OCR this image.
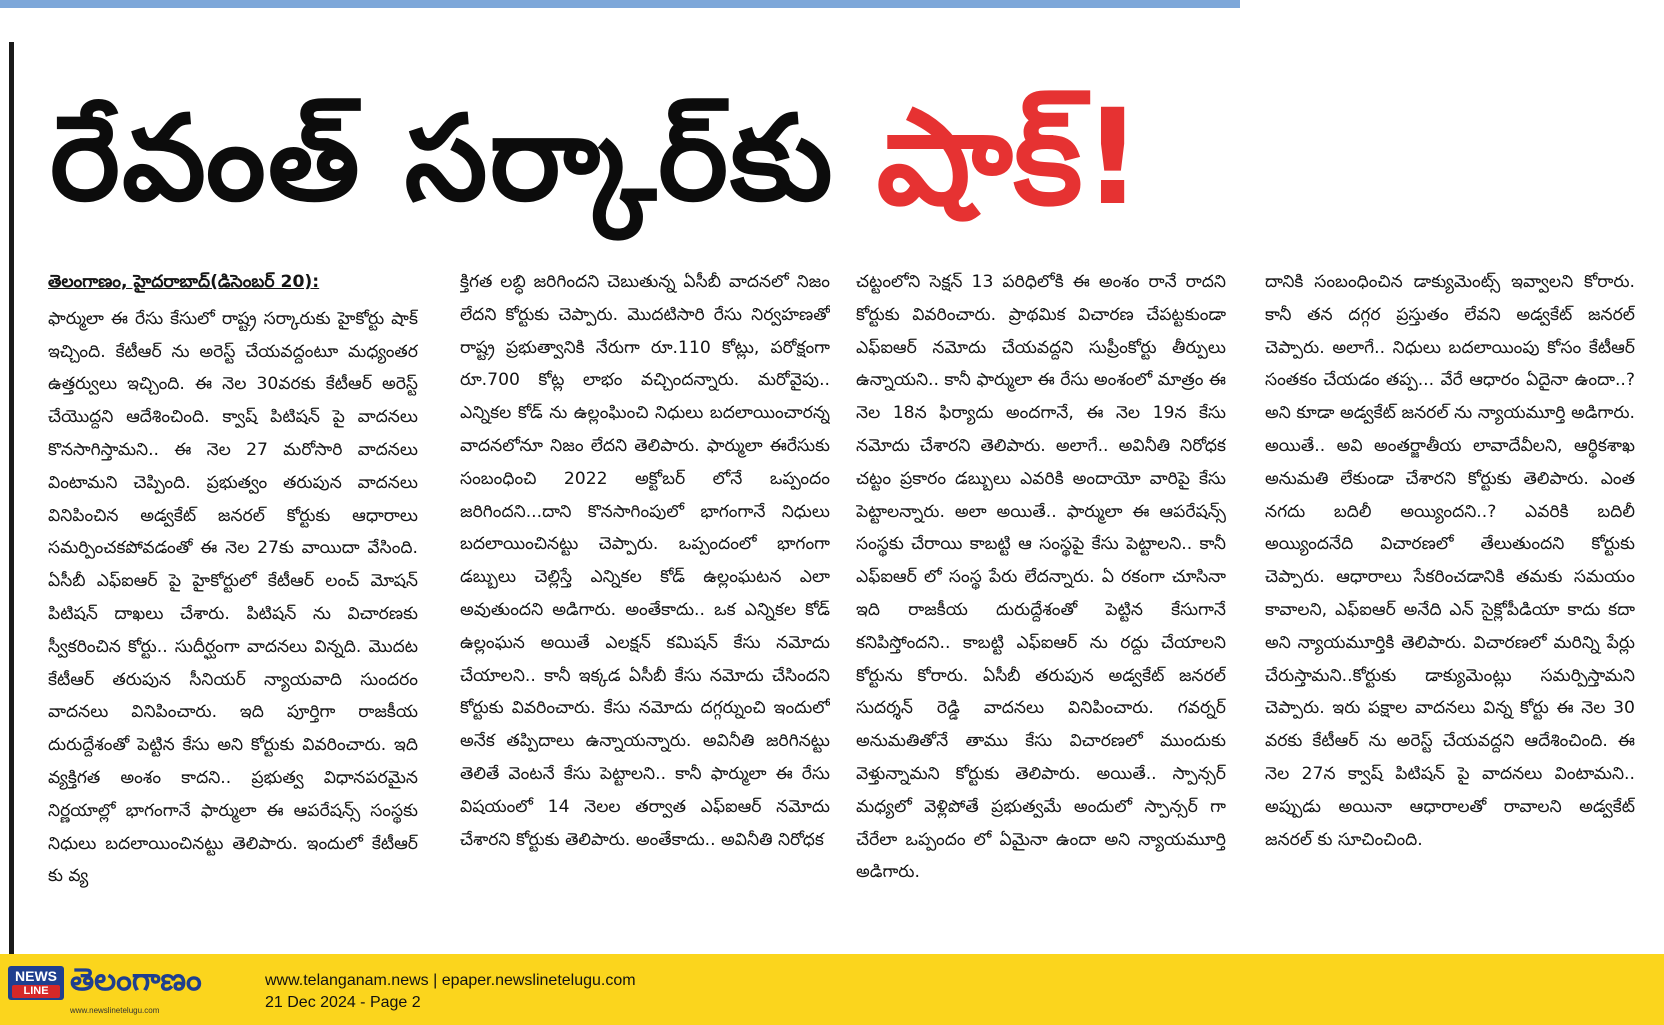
రేవంత్ సర్కార్‌కు షాక్!
తెలంగాణం, హైదరాబాద్(డిసెంబర్ 20):

ఫార్ములా ఈ రేసు కేసులో రాష్ట్ర సర్కారుకు హైకోర్టు షాక్ ఇచ్చింది. కేటీఆర్ ను అరెస్ట్ చేయవద్దంటూ మధ్యంతర ఉత్తర్వులు ఇచ్చింది. ఈ నెల 30వరకు కేటీఆర్ అరెస్ట్ చేయొద్దని ఆదేశించింది. క్వాష్ పిటిషన్ పై వాదనలు కొనసాగిస్తామని.. ఈ నెల 27 మరోసారి వాదనలు వింటామని చెప్పింది. ప్రభుత్వం తరుపున వాదనలు వినిపించిన అడ్వకేట్ జనరల్ కోర్టుకు ఆధారాలు సమర్పించకపోవడంతో ఈ నెల 27కు వాయిదా వేసింది. ఏసీబీ ఎఫ్ఐఆర్ పై హైకోర్టులో కేటీఆర్ లంచ్ మోషన్ పిటిషన్ దాఖలు చేశారు. పిటిషన్ ను విచారణకు స్వీకరించిన కోర్టు.. సుదీర్ఘంగా వాదనలు విన్నది. మొదట కేటీఆర్ తరుపున సీనియర్ న్యాయవాది సుందరం వాదనలు వినిపించారు. ఇది పూర్తిగా రాజకీయ దురుద్దేశంతో పెట్టిన కేసు అని కోర్టుకు వివరించారు. ఇది వ్యక్తిగత అంశం కాదని.. ప్రభుత్వ విధానపరమైన నిర్ణయాల్లో భాగంగానే ఫార్ములా ఈ ఆపరేషన్స్ సంస్థకు నిధులు బదలాయించినట్టు తెలిపారు. ఇందులో కేటీఆర్ కు వ్య

క్తిగత లబ్ధి జరిగిందని చెబుతున్న ఏసీబీ వాదనలో నిజం లేదని కోర్టుకు చెప్పారు. మొదటిసారి రేసు నిర్వహణతో రాష్ట్ర ప్రభుత్వానికి నేరుగా రూ.110 కోట్లు, పరోక్షంగా రూ.700 కోట్ల లాభం వచ్చిందన్నారు. మరోవైపు.. ఎన్నికల కోడ్ ను ఉల్లంఘించి నిధులు బదలాయించారన్న వాదనలోనూ నిజం లేదని తెలిపారు. ఫార్ములా ఈరేసుకు సంబంధించి 2022 అక్టోబర్ లోనే ఒప్పందం జరిగిందని...దాని కొనసాగింపులో భాగంగానే నిధులు బదలాయించినట్టు చెప్పారు. ఒప్పందంలో భాగంగా డబ్బులు చెల్లిస్తే ఎన్నికల కోడ్ ఉల్లంఘటన ఎలా అవుతుందని అడిగారు. అంతేకాదు.. ఒక ఎన్నికల కోడ్ ఉల్లంఘన అయితే ఎలక్షన్ కమిషన్ కేసు నమోదు చేయాలని.. కానీ ఇక్కడ ఏసీబీ కేసు నమోదు చేసిందని కోర్టుకు వివరించారు. కేసు నమోదు దగ్గర్నుంచి ఇందులో అనేక తప్పిదాలు ఉన్నాయన్నారు. అవినీతి జరిగినట్టు తెలితే వెంటనే కేసు పెట్టాలని.. కానీ ఫార్ములా ఈ రేసు విషయంలో 14 నెలల తర్వాత ఎఫ్ఐఆర్ నమోదు చేశారని కోర్టుకు తెలిపారు. అంతేకాదు.. అవినీతి నిరోధక

చట్టంలోని సెక్షన్ 13 పరిధిలోకి ఈ అంశం రానే రాదని కోర్టుకు వివరించారు. ప్రాథమిక విచారణ చేపట్టకుండా ఎఫ్ఐఆర్ నమోదు చేయవద్దని సుప్రీంకోర్టు తీర్పులు ఉన్నాయని.. కానీ ఫార్ములా ఈ రేసు అంశంలో మాత్రం ఈ నెల 18న ఫిర్యాదు అందగానే, ఈ నెల 19న కేసు నమోదు చేశారని తెలిపారు. అలాగే.. అవినీతి నిరోధక చట్టం ప్రకారం డబ్బులు ఎవరికి అందాయో వారిపై కేసు పెట్టాలన్నారు. అలా అయితే.. ఫార్ములా ఈ ఆపరేషన్స్ సంస్థకు చేరాయి కాబట్టి ఆ సంస్థపై కేసు పెట్టాలని.. కానీ ఎఫ్ఐఆర్ లో సంస్థ పేరు లేదన్నారు. ఏ రకంగా చూసినా ఇది రాజకీయ దురుద్దేశంతో పెట్టిన కేసుగానే కనిపిస్తోందని.. కాబట్టి ఎఫ్ఐఆర్ ను రద్దు చేయాలని కోర్టును కోరారు. ఏసీబీ తరుపున అడ్వకేట్ జనరల్ సుదర్శన్ రెడ్డి వాదనలు వినిపించారు. గవర్నర్ అనుమతితోనే తాము కేసు విచారణలో ముందుకు వెళ్తున్నామని కోర్టుకు తెలిపారు. అయితే.. స్పాన్సర్ మధ్యలో వెళ్లిపోతే ప్రభుత్వమే అందులో స్పాన్సర్ గా చేరేలా ఒప్పందం లో ఏమైనా ఉందా అని న్యాయమూర్తి అడిగారు.

దానికి సంబంధించిన డాక్యుమెంట్స్ ఇవ్వాలని కోరారు. కానీ తన దగ్గర ప్రస్తుతం లేవని అడ్వకేట్ జనరల్ చెప్పారు. అలాగే.. నిధులు బదలాయింపు కోసం కేటీఆర్ సంతకం చేయడం తప్ప... వేరే ఆధారం ఏదైనా ఉందా..? అని కూడా అడ్వకేట్ జనరల్ ను న్యాయమూర్తి అడిగారు. అయితే.. అవి అంతర్జాతీయ లావాదేవీలని, ఆర్థికశాఖ అనుమతి లేకుండా చేశారని కోర్టుకు తెలిపారు. ఎంత నగదు బదిలీ అయ్యిందని..? ఎవరికి బదిలీ అయ్యిందనేది విచారణలో తేలుతుందని కోర్టుకు చెప్పారు. ఆధారాలు సేకరించడానికి తమకు సమయం కావాలని, ఎఫ్ఐఆర్ అనేది ఎన్ సైక్లోపీడియా కాదు కదా అని న్యాయమూర్తికి తెలిపారు. విచారణలో మరిన్ని పేర్లు చేరుస్తామని..కోర్టుకు డాక్యుమెంట్లు సమర్పిస్తామని చెప్పారు. ఇరు పక్షాల వాదనలు విన్న కోర్టు ఈ నెల 30 వరకు కేటీఆర్ ను అరెస్ట్ చేయవద్దని ఆదేశించింది. ఈ నెల 27న క్వాష్ పిటిషన్ పై వాదనలు వింటామని.. అప్పుడు అయినా ఆధారాలతో రావాలని అడ్వకేట్ జనరల్ కు సూచించింది.

NEWS
LINE తెలంగాణం
www.newslinetelugu.com
www.telanganam.news | epaper.newslinetelugu.com
21 Dec 2024 - Page 2
